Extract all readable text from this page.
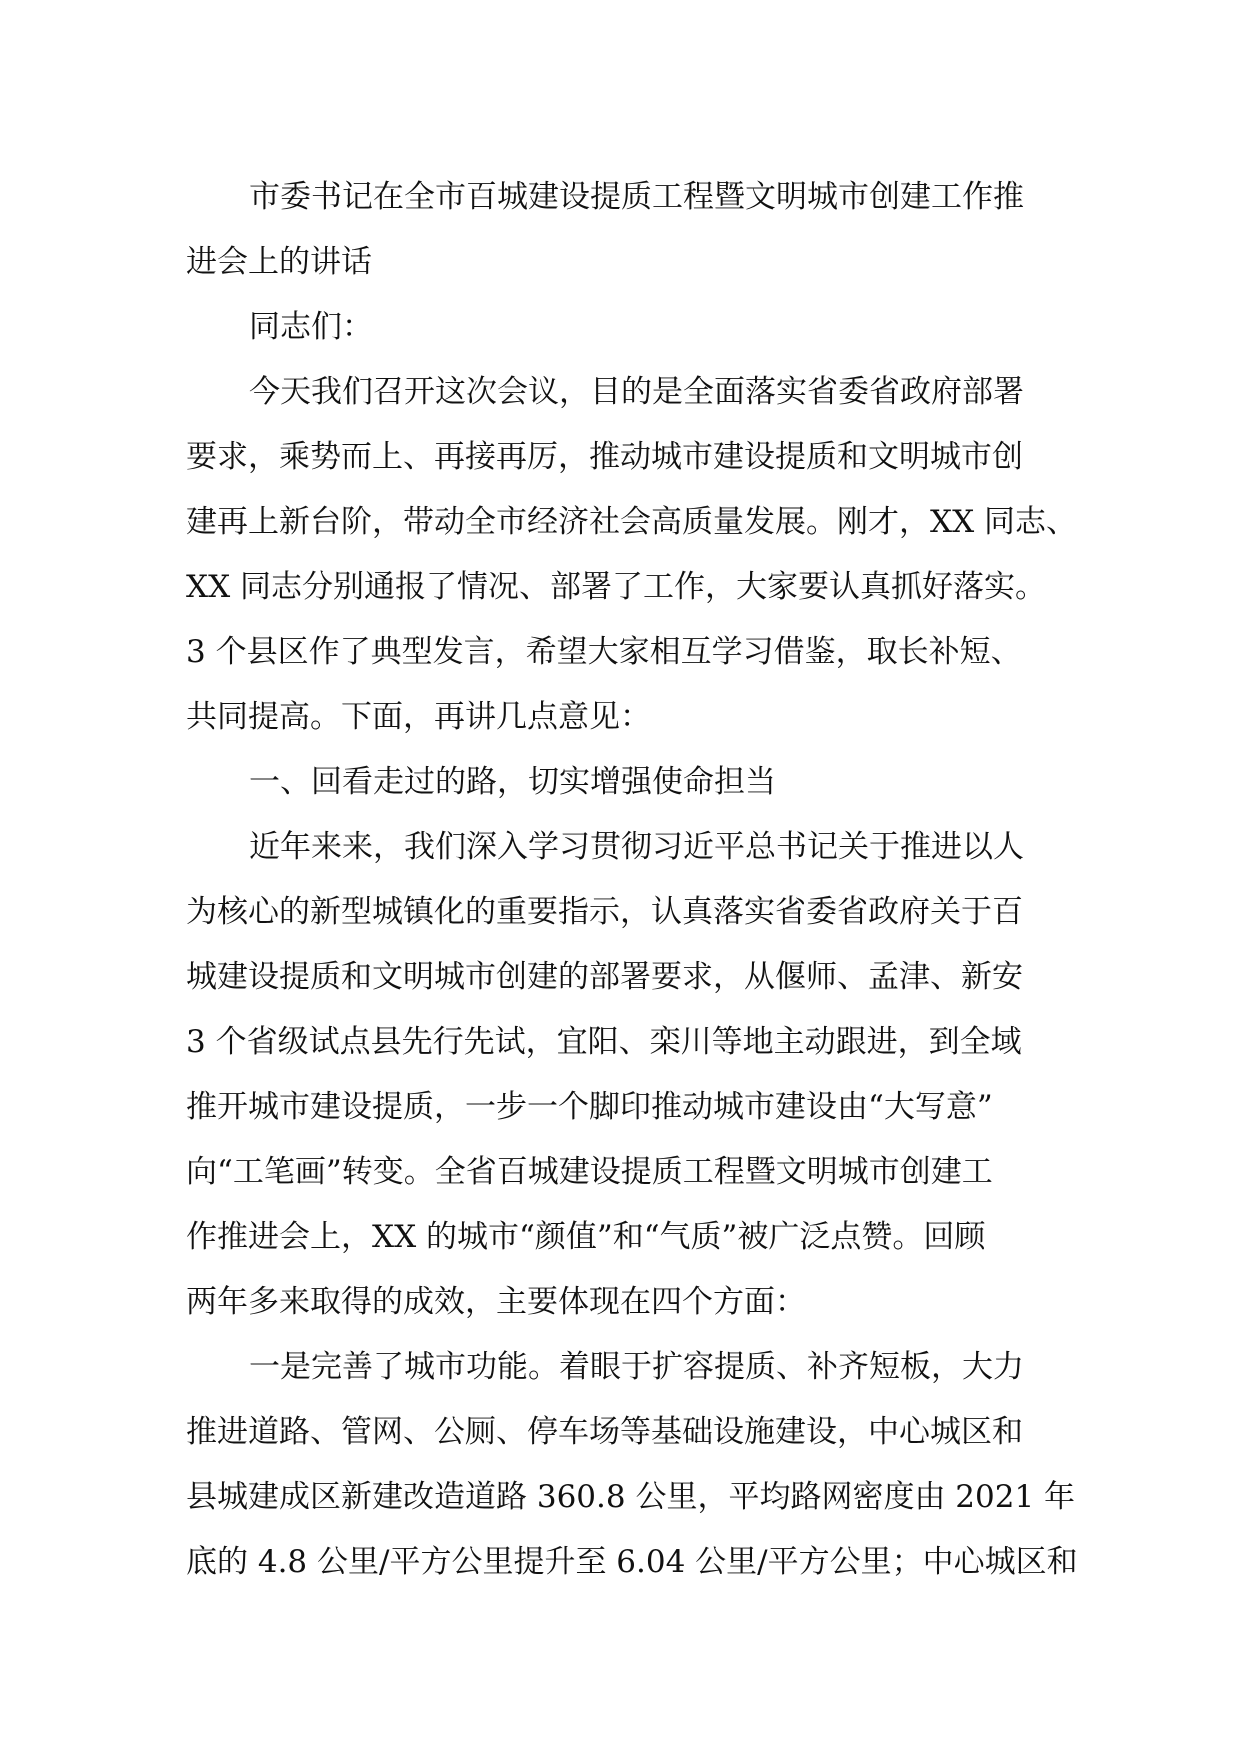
市委书记在全市百城建设提质工程暨文明城市创建工作推
进会上的讲话
同志们：
今天我们召开这次会议，目的是全面落实省委省政府部署
要求，乘势而上、再接再厉，推动城市建设提质和文明城市创
建再上新台阶，带动全市经济社会高质量发展。刚才，XX 同志、
XX 同志分别通报了情况、部署了工作，大家要认真抓好落实。
3 个县区作了典型发言，希望大家相互学习借鉴，取长补短、
共同提高。下面，再讲几点意见：
一、回看走过的路，切实增强使命担当
近年来来，我们深入学习贯彻习近平总书记关于推进以人
为核心的新型城镇化的重要指示，认真落实省委省政府关于百
城建设提质和文明城市创建的部署要求，从偃师、孟津、新安
3 个省级试点县先行先试，宜阳、栾川等地主动跟进，到全域
推开城市建设提质，一步一个脚印推动城市建设由“大写意”
向“工笔画”转变。全省百城建设提质工程暨文明城市创建工
作推进会上，XX 的城市“颜值”和“气质”被广泛点赞。回顾
两年多来取得的成效，主要体现在四个方面：
一是完善了城市功能。着眼于扩容提质、补齐短板，大力
推进道路、管网、公厕、停车场等基础设施建设，中心城区和
县城建成区新建改造道路 360.8 公里，平均路网密度由 2021 年
底的 4.8 公里/平方公里提升至 6.04 公里/平方公里；中心城区和
